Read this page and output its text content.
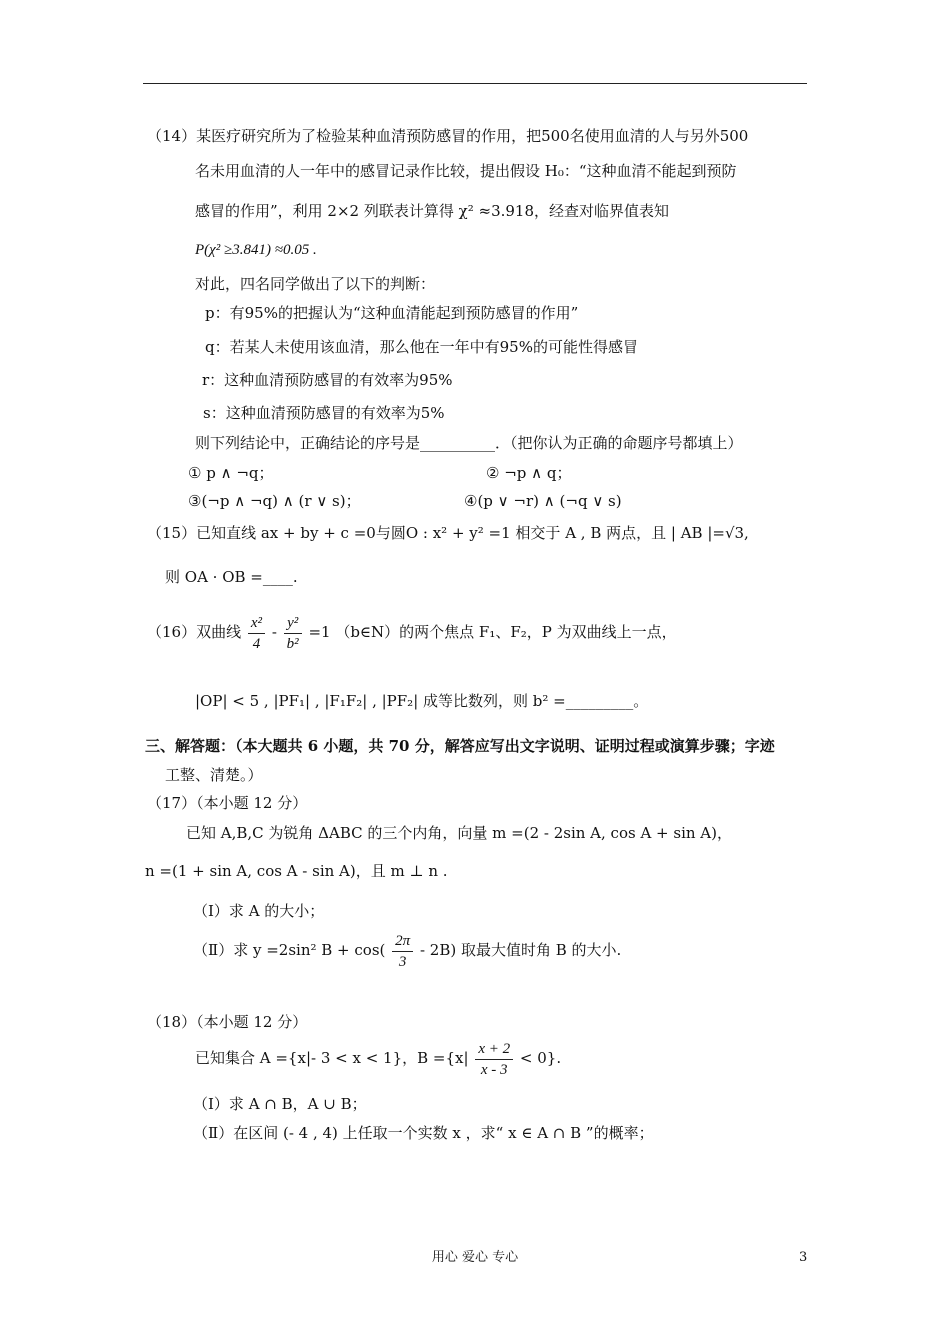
（14）某医疗研究所为了检验某种血清预防感冒的作用，把500名使用血清的人与另外500
名未用血清的人一年中的感冒记录作比较，提出假设 H₀：“这种血清不能起到预防
感冒的作用”，利用 2×2 列联表计算得 χ² ≈3.918，经查对临界值表知
P(χ² ≥3.841) ≈0.05 .
对此，四名同学做出了以下的判断：
p：有95%的把握认为“这种血清能起到预防感冒的作用”
q：若某人未使用该血清，那么他在一年中有95%的可能性得感冒
r：这种血清预防感冒的有效率为95%
s：这种血清预防感冒的有效率为5%
则下列结论中，正确结论的序号是__________．（把你认为正确的命题序号都填上）
① p ∧ ¬q；	② ¬p ∧ q；
③(¬p ∧ ¬q) ∧ (r ∨ s)；	④(p ∨ ¬r) ∧ (¬q ∨ s)
（15）已知直线 ax + by + c =0与圆O : x² + y² =1 相交于 A , B 两点，且 | AB |=√3,
则 OA · OB =____.
（16）双曲线 $\frac{\text{x²}}{4} - \frac{\text{y²}}{\text{b²}} =1$ （b∈N）的两个焦点 F₁、F₂，P 为双曲线上一点，
|OP| < 5 , |PF₁| , |F₁F₂| , |PF₂| 成等比数列，则 b² =_________。
三、解答题：（本大题共 6 小题，共 70 分，解答应写出文字说明、证明过程或演算步骤；字迹
工整、清楚。）
（17）（本小题 12 分）
已知 A,B,C 为锐角 ΔABC 的三个内角，向量 m =(2 - 2sin A, cos A + sin A)，
n =(1 + sin A, cos A - sin A)，且 m ⊥ n .
（Ⅰ）求 A 的大小；
（Ⅱ）求 y =2sin² $B + \cos( \frac{2\pi}{3} - 2B)$ 取最大值时角 B 的大小.
（18）（本小题 12 分）
已知集合 A ={x|- 3 < x < 1}，$B =\{x| \frac{x + 2}{x - 3} < 0\}$.
（Ⅰ）求 A ∩ B，A ∪ B；
（Ⅱ）在区间 (- 4 , 4) 上任取一个实数 x ，求“ x ∈ A ∩ B ”的概率；
用心 爱心 专心	3
